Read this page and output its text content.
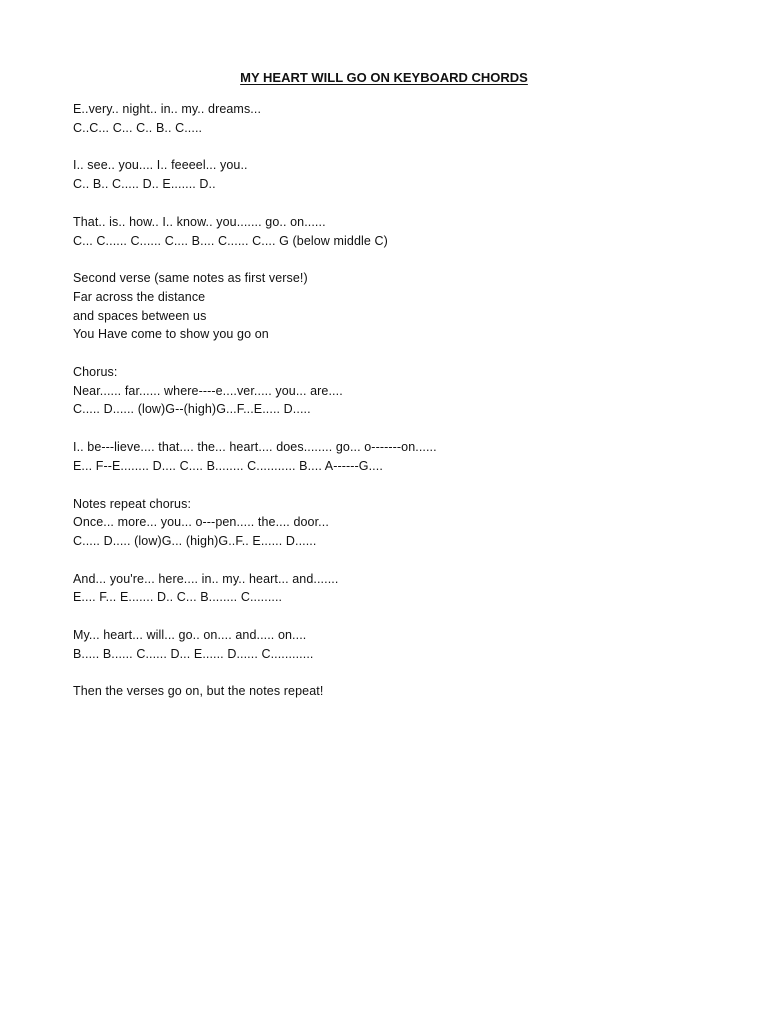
MY HEART WILL GO ON KEYBOARD CHORDS
E..very.. night.. in.. my.. dreams...
C..C... C... C.. B.. C.....
I.. see.. you.... I.. feeeel... you..
C.. B.. C..... D.. E....... D..
That.. is.. how.. I.. know.. you....... go.. on......
C... C...... C...... C.... B.... C...... C.... G (below middle C)
Second verse (same notes as first verse!)
Far across the distance
and spaces between us
You Have come to show you go on
Chorus:
Near...... far...... where----e....ver..... you... are....
C..... D...... (low)G--(high)G...F...E..... D.....
I.. be---lieve.... that.... the... heart.... does........ go... o-------on......
E... F--E........ D.... C.... B........ C........... B.... A------G....
Notes repeat chorus:
Once... more... you... o---pen..... the.... door...
C..... D..... (low)G... (high)G..F.. E...... D......
And... you're... here.... in.. my.. heart... and.......
E.... F... E....... D.. C... B........ C.........
My... heart... will... go.. on.... and..... on....
B..... B...... C...... D... E...... D...... C............
Then the verses go on, but the notes repeat!
